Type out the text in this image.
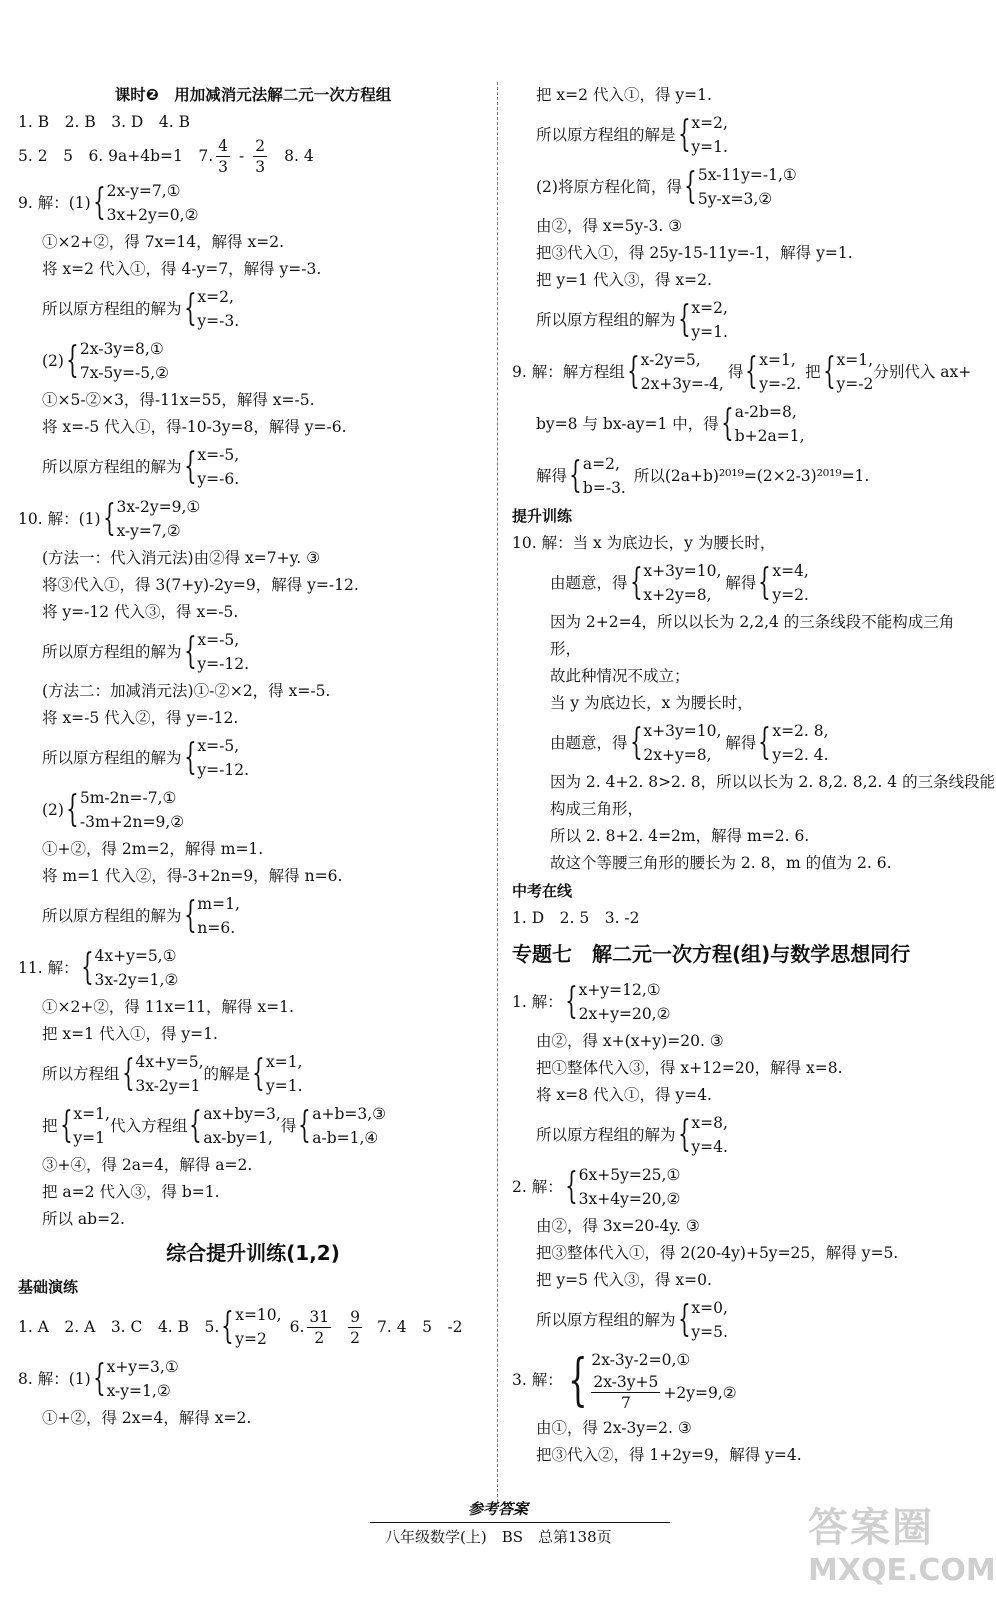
课时❷　用加减消元法解二元一次方程组
1. B　2. B　3. D　4. B
5. 2　5　6. 9a+4b=1　7. $\frac{4}{3} - \frac{2}{3} 8$. 4
9. 解：(1) { 2x-y=7,①
3x+2y=0,②
①×2+②，得 7x=14，解得 x=2.
将 x=2 代入①，得 4-y=7，解得 y=-3.
所以原方程组的解为 { x=2,
y=-3.
(2) { 2x-3y=8,①
7x-5y=-5,②
①×5-②×3，得-11x=55，解得 x=-5.
将 x=-5 代入①，得-10-3y=8，解得 y=-6.
所以原方程组的解为 { x=-5,
y=-6.
10. 解：(1) { 3x-2y=9,①
x-y=7,②
(方法一：代入消元法)由②得 x=7+y. ③
将③代入①，得 3(7+y)-2y=9，解得 y=-12.
将 y=-12 代入③，得 x=-5.
所以原方程组的解为 { x=-5,
y=-12.
(方法二：加减消元法)①-②×2，得 x=-5.
将 x=-5 代入②，得 y=-12.
所以原方程组的解为 { x=-5,
y=-12.
(2) { 5m-2n=-7,①
-3m+2n=9,②
①+②，得 2m=2，解得 m=1.
将 m=1 代入②，得-3+2n=9，解得 n=6.
所以原方程组的解为 { m=1,
n=6.
11. 解： { 4x+y=5,①
3x-2y=1,②
①×2+②，得 11x=11，解得 x=1.
把 x=1 代入①，得 y=1.
所以方程组 { 4x+y=5,
3x-2y=1
的解是 { x=1,
y=1.
把 { x=1,
y=1
代入方程组 { ax+by=3,
ax-by=1,
得 { a+b=3,③
a-b=1,④
③+④，得 2a=4，解得 a=2.
把 a=2 代入③，得 b=1.
所以 ab=2.
综合提升训练(1,2)
基础演练
1. A　2. A　3. C　4. B　5. { x=10,
y=2
6. $\frac{31}{2} \frac{9}{2} 7$. 4　5　-2
8. 解：(1) { x+y=3,①
x-y=1,②
①+②，得 2x=4，解得 x=2.
把 x=2 代入①，得 y=1.
所以原方程组的解是 { x=2,
y=1.
(2)将原方程化简，得 { 5x-11y=-1,①
5y-x=3,②
由②，得 x=5y-3. ③
把③代入①，得 25y-15-11y=-1，解得 y=1.
把 y=1 代入③，得 x=2.
所以原方程组的解为 { x=2,
y=1.
9. 解：解方程组 { x-2y=5,
2x+3y=-4,
得 { x=1,
y=-2.
把 { x=1,
y=-2
分别代入 ax+
by=8 与 bx-ay=1 中，得 { a-2b=8,
b+2a=1,
解得 { a=2,
b=-3.
所以(2a+b)²⁰¹⁹=(2×2-3)²⁰¹⁹=1.
提升训练
10. 解：当 x 为底边长，y 为腰长时，
由题意，得 { x+3y=10,
x+2y=8,
解得 { x=4,
y=2.
因为 2+2=4，所以以长为 2,2,4 的三条线段不能构成三角
形，
故此种情况不成立；
当 y 为底边长，x 为腰长时，
由题意，得 { x+3y=10,
2x+y=8,
解得 { x=2. 8,
y=2. 4.
因为 2. 4+2. 8>2. 8，所以以长为 2. 8,2. 8,2. 4 的三条线段能
构成三角形，
所以 2. 8+2. 4=2m，解得 m=2. 6.
故这个等腰三角形的腰长为 2. 8，m 的值为 2. 6.
中考在线
1. D　2. 5　3. -2
专题七　解二元一次方程(组)与数学思想同行
1. 解： { x+y=12,①
2x+y=20,②
由②，得 x+(x+y)=20. ③
把①整体代入③，得 x+12=20，解得 x=8.
将 x=8 代入①，得 y=4.
所以原方程组的解为 { x=8,
y=4.
2. 解： { 6x+5y=25,①
3x+4y=20,②
由②，得 3x=20-4y. ③
把③整体代入①，得 2(20-4y)+5y=25，解得 y=5.
把 y=5 代入③，得 x=0.
所以原方程组的解为 { x=0,
y=5.
3. 解： { 2x-3y-2=0,①
$\frac{2x-3y+5}{7}$ +2y=9,②
由①，得 2x-3y=2. ③
把③代入②，得 1+2y=9，解得 y=4.
参考答案
八年级数学(上)　BS　总第138页	答案圈
MXQE.COM
